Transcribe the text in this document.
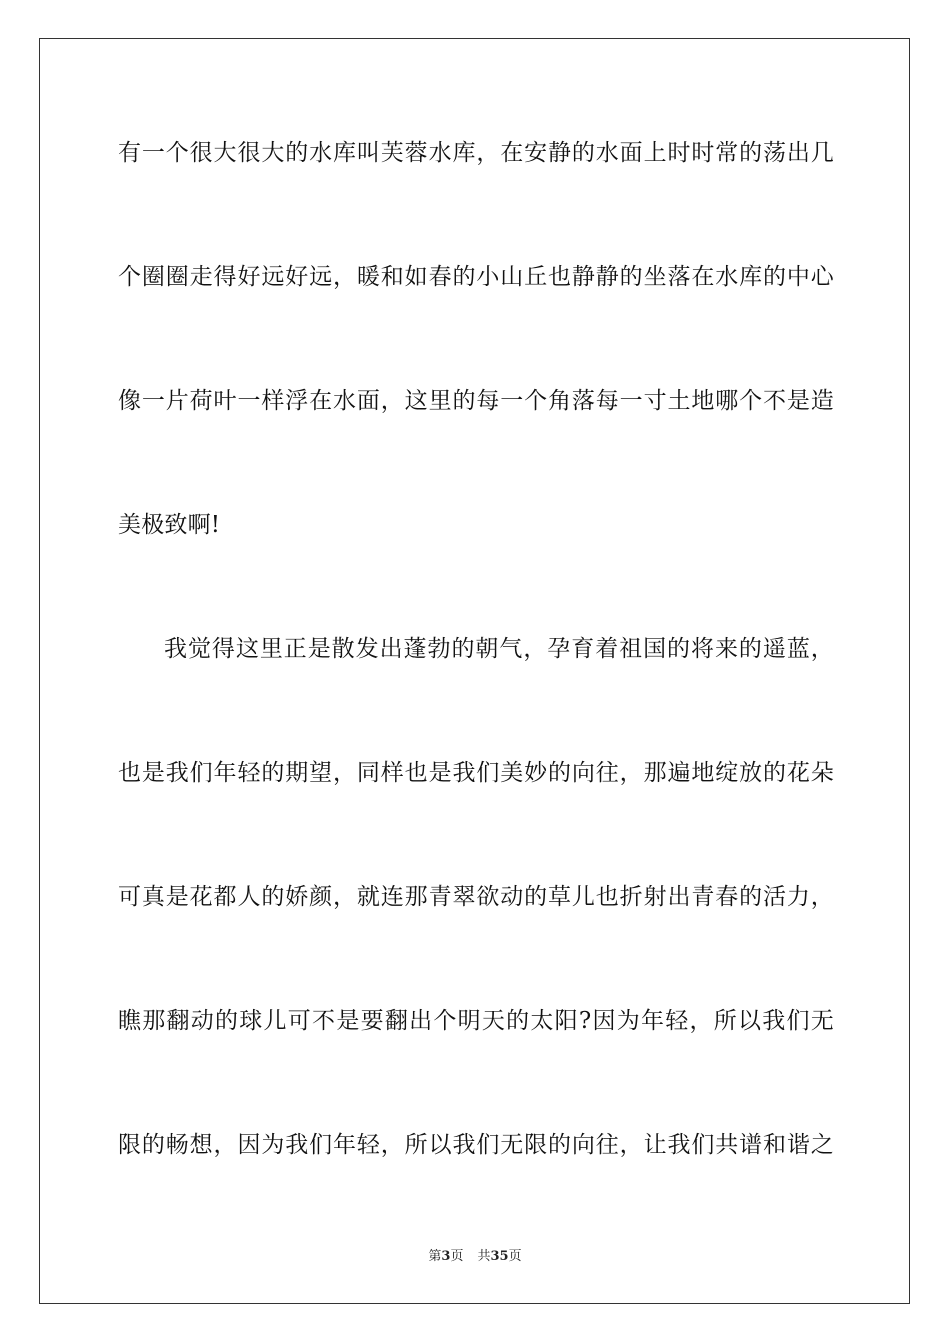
有一个很大很大的水库叫芙蓉水库，在安静的水面上时时常的荡出几
个圈圈走得好远好远，暖和如春的小山丘也静静的坐落在水库的中心
像一片荷叶一样浮在水面，这里的每一个角落每一寸土地哪个不是造
美极致啊!
我觉得这里正是散发出蓬勃的朝气，孕育着祖国的将来的遥蓝，
也是我们年轻的期望，同样也是我们美妙的向往，那遍地绽放的花朵
可真是花都人的娇颜，就连那青翠欲动的草儿也折射出青春的活力，
瞧那翻动的球儿可不是要翻出个明天的太阳?因为年轻，所以我们无
限的畅想，因为我们年轻，所以我们无限的向往，让我们共谱和谐之
第3页 共35页
